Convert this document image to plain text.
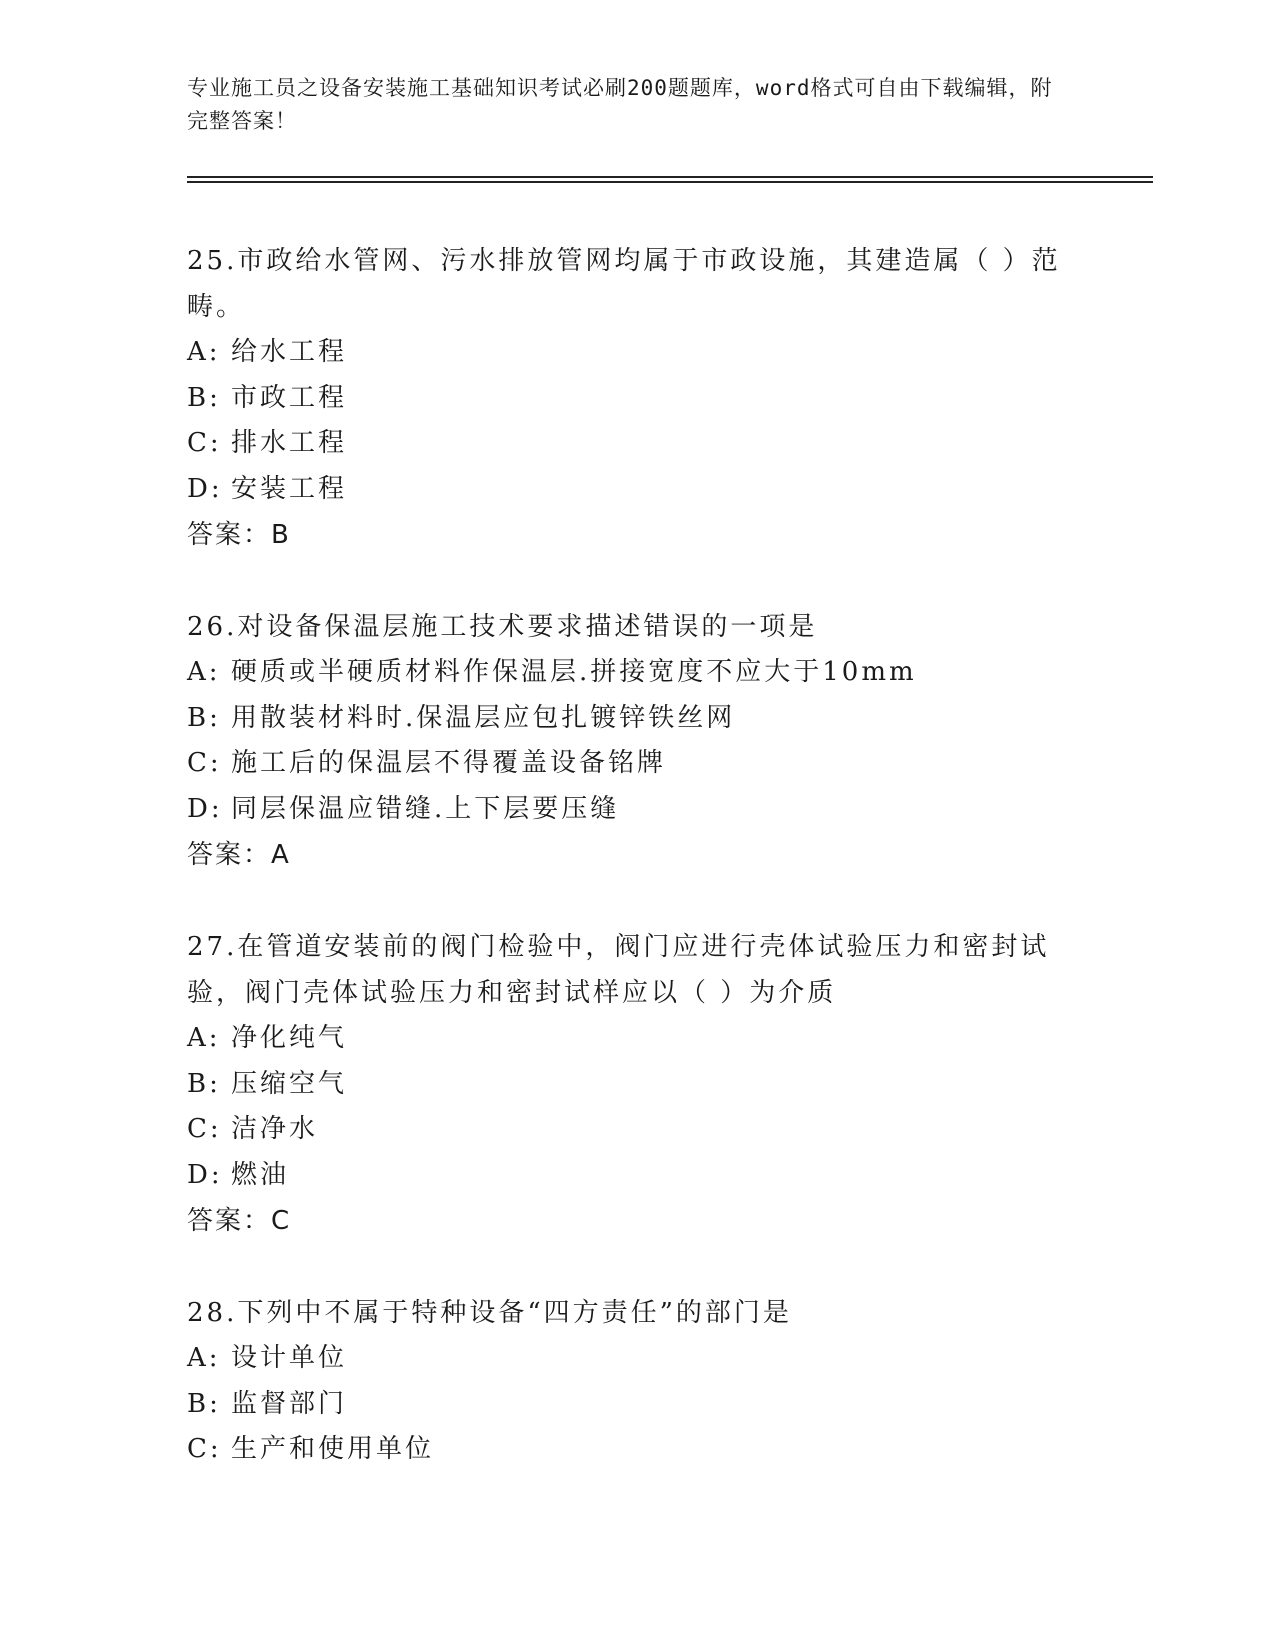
专业施工员之设备安装施工基础知识考试必刷200题题库，word格式可自由下载编辑，附完整答案！

25.市政给水管网、污水排放管网均属于市政设施，其建造属（ ）范畴。

A: 给水工程

B: 市政工程

C: 排水工程

D: 安装工程

答案：B

26.对设备保温层施工技术要求描述错误的一项是

A: 硬质或半硬质材料作保温层.拼接宽度不应大于10mm

B: 用散装材料时.保温层应包扎镀锌铁丝网

C: 施工后的保温层不得覆盖设备铭牌

D: 同层保温应错缝.上下层要压缝

答案：A

27.在管道安装前的阀门检验中，阀门应进行壳体试验压力和密封试验，阀门壳体试验压力和密封试样应以（ ）为介质

A: 净化纯气

B: 压缩空气

C: 洁净水

D: 燃油

答案：C

28.下列中不属于特种设备“四方责任”的部门是

A: 设计单位

B: 监督部门

C: 生产和使用单位
